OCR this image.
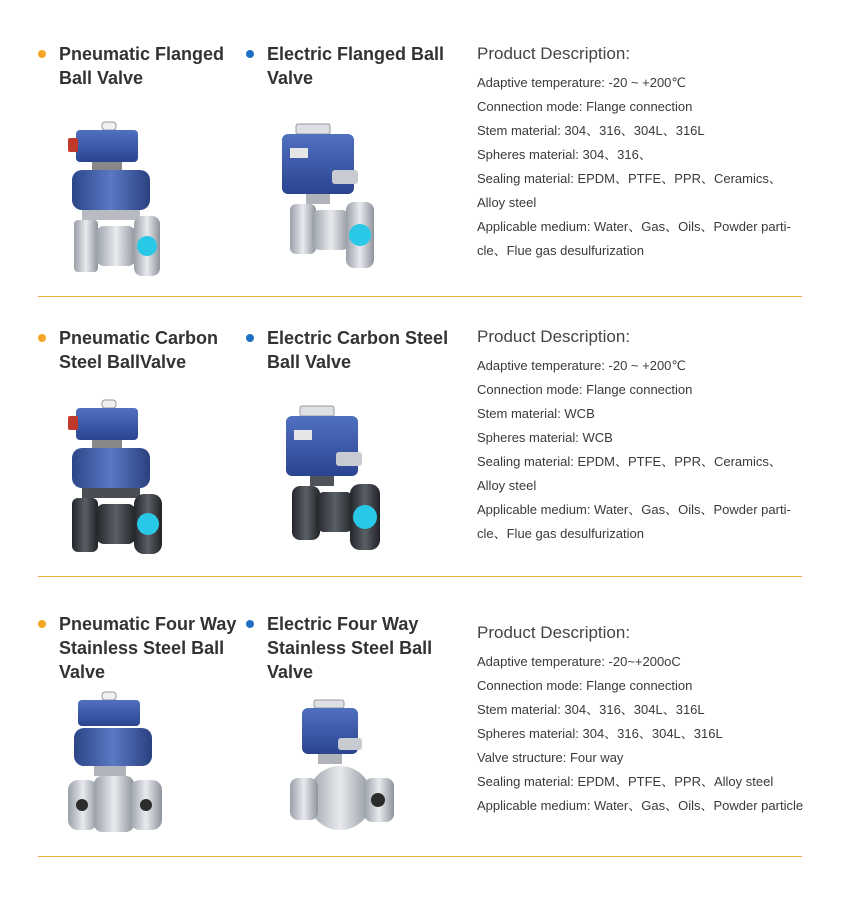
Pneumatic Flanged Ball Valve
Electric Flanged Ball Valve
Product Description:
Adaptive temperature: -20 ~ +200℃
Connection mode: Flange connection
Stem material: 304、316、304L、316L
Spheres material: 304、316、
Sealing material: EPDM、PTFE、PPR、Ceramics、
Alloy steel
Applicable medium: Water、Gas、Oils、Powder parti-
cle、Flue gas desulfurization
Pneumatic Carbon Steel BallValve
Electric Carbon Steel Ball Valve
Product Description:
Adaptive temperature: -20 ~ +200℃
Connection mode: Flange connection
Stem material: WCB
Spheres material: WCB
Sealing material: EPDM、PTFE、PPR、Ceramics、
Alloy steel
Applicable medium: Water、Gas、Oils、Powder parti-
cle、Flue gas desulfurization
Pneumatic Four Way Stainless Steel Ball Valve
Electric Four Way Stainless Steel Ball Valve
Product Description:
Adaptive temperature: -20~+200oC
Connection mode: Flange connection
Stem material: 304、316、304L、316L
Spheres material: 304、316、304L、316L
Valve structure: Four way
Sealing material: EPDM、PTFE、PPR、Alloy steel
Applicable medium: Water、Gas、Oils、Powder particle
